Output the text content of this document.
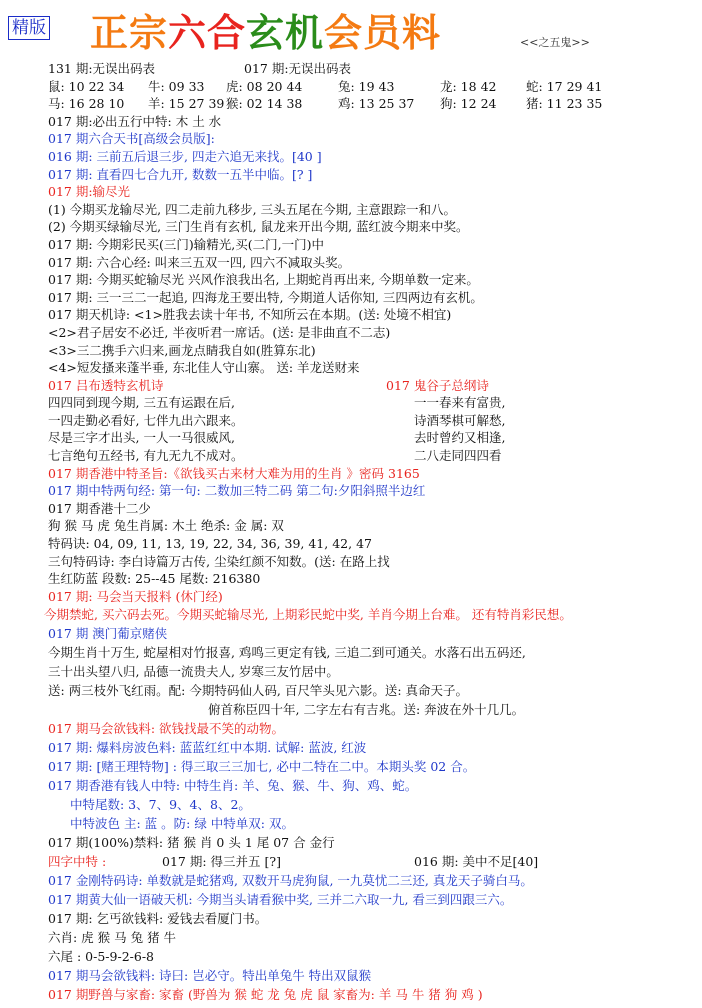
精版 正宗六合玄机会员料	<<之五鬼>>
131 期:无误出码表	017 期:无误出码表
鼠: 10 22 34 牛: 09 33 虎: 08 20 44	兔: 19 43	龙: 18 42 蛇: 17 29 41
马: 16 28 10 羊: 15 27 39 猴: 02 14 38	鸡: 13 25 37 狗: 12 24 猪: 11 23 35
017 期:必出五行中特: 木 土 水
017 期六合天书[高级会员版]:
016 期: 三前五后退三步, 四走六追无来找。[40 ]
017 期: 直看四七合九开, 数数一五半中临。[? ]
017 期:输尽光
(1) 今期买龙输尽光, 四二走前九移步, 三头五尾在今期, 主意跟踪一和八。
(2) 今期买绿输尽光, 三门生肖有玄机, 鼠龙来开出今期, 蓝红波今期来中奖。
017 期: 今期彩民买(三门)输精光,买(二门,一门)中
017 期: 六合心经: 叫来三五双一四, 四六不减取头奖。
017 期: 今期买蛇输尽光 兴风作浪我出名, 上期蛇肖再出来, 今期单数一定来。
017 期: 三一三二一起追, 四海龙王要出特, 今期道人话你知, 三四两边有玄机。
017 期天机诗: <1>胜我去读十年书, 不知所云在本期。(送: 处境不相宜)
<2>君子居安不必迁, 半夜听君一席话。(送: 是非曲直不二志)
<3>三二携手六归来,画龙点睛我自如(胜算东北)
<4>短发搔来蓬半垂, 东北佳人守山寨。 送: 羊龙送财来
017 吕布透特玄机诗	017 鬼谷子总纲诗
四四同到现今期, 三五有运跟在后,	一一春来有富贵,
一四走勤必看好, 七伴九出六跟来。	诗酒琴棋可解愁,
尽是三字才出头, 一人一马很威风,	去时曾约又相逢,
七言绝句五经书, 有九无九不成对。	二八走同四四看
017 期香港中特圣旨:《欲钱买古来材大难为用的生肖 》密码 3165
017 期中特两句经: 第一句: 二数加三特二码 第二句:夕阳斜照半边红
017 期香港十二少
狗 猴 马 虎 兔生肖属: 木土 绝杀: 金 属: 双
特码诀: 04, 09, 11, 13, 19, 22, 34, 36, 39, 41, 42, 47
三句特码诗: 李白诗篇万古传, 尘染红颜不知数。(送: 在路上找
生红防蓝 段数: 25--45 尾数: 216380
017 期: 马会当天报料 (休门经)
今期禁蛇, 买六码去死。今期买蛇输尽光, 上期彩民蛇中奖, 羊肖今期上台难。 还有特肖彩民想。
017 期 澳门葡京赌侠
今期生肖十万生, 蛇屋相对竹报喜, 鸡鸣三更定有钱, 三追二到可通关。水落石出五码还,
三十出头望八归, 品德一流贵夫人, 岁寒三友竹居中。
送: 两三枝外飞红雨。配: 今期特码仙人码, 百尺竿头见六影。送: 真命天子。
俯首称臣四十年, 二字左右有吉兆。送: 奔波在外十几几。
017 期马会欲钱料: 欲钱找最不笑的动物。
017 期: 爆料房波色料: 蓝蓝红红中本期. 试解: 蓝波, 红波
017 期: [赌王理特物] : 得三取三三加七, 必中二特在二中。本期头奖 02 合。
017 期香港有钱人中特: 中特生肖: 羊、兔、猴、牛、狗、鸡、蛇。
中特尾数: 3、7、9、4、8、2。
中特波色 主: 蓝 。防: 绿 中特单双: 双。
017 期(100%)禁料: 猪 猴 肖 0 头 1 尾 07 合 金行
四字中特 :	017 期: 得三并五 [?]	016 期: 美中不足[40]
017 金刚特码诗: 单数就是蛇猪鸡, 双数开马虎狗鼠, 一九莫忧二三还, 真龙天子骑白马。
017 期黄大仙一语破天机: 今期当头请看猴中奖, 三并二六取一九, 看三到四跟三六。
017 期: 乞丐欲钱料: 爱钱去看厦门书。
六肖: 虎 猴 马 兔 猪 牛
六尾 : 0-5-9-2-6-8
017 期马会欲钱料: 诗曰: 岂必守。特出单兔牛 特出双鼠猴
017 期野兽与家畜: 家畜 (野兽为 猴 蛇 龙 兔 虎 鼠 家畜为: 羊 马 牛 猪 狗 鸡 )
